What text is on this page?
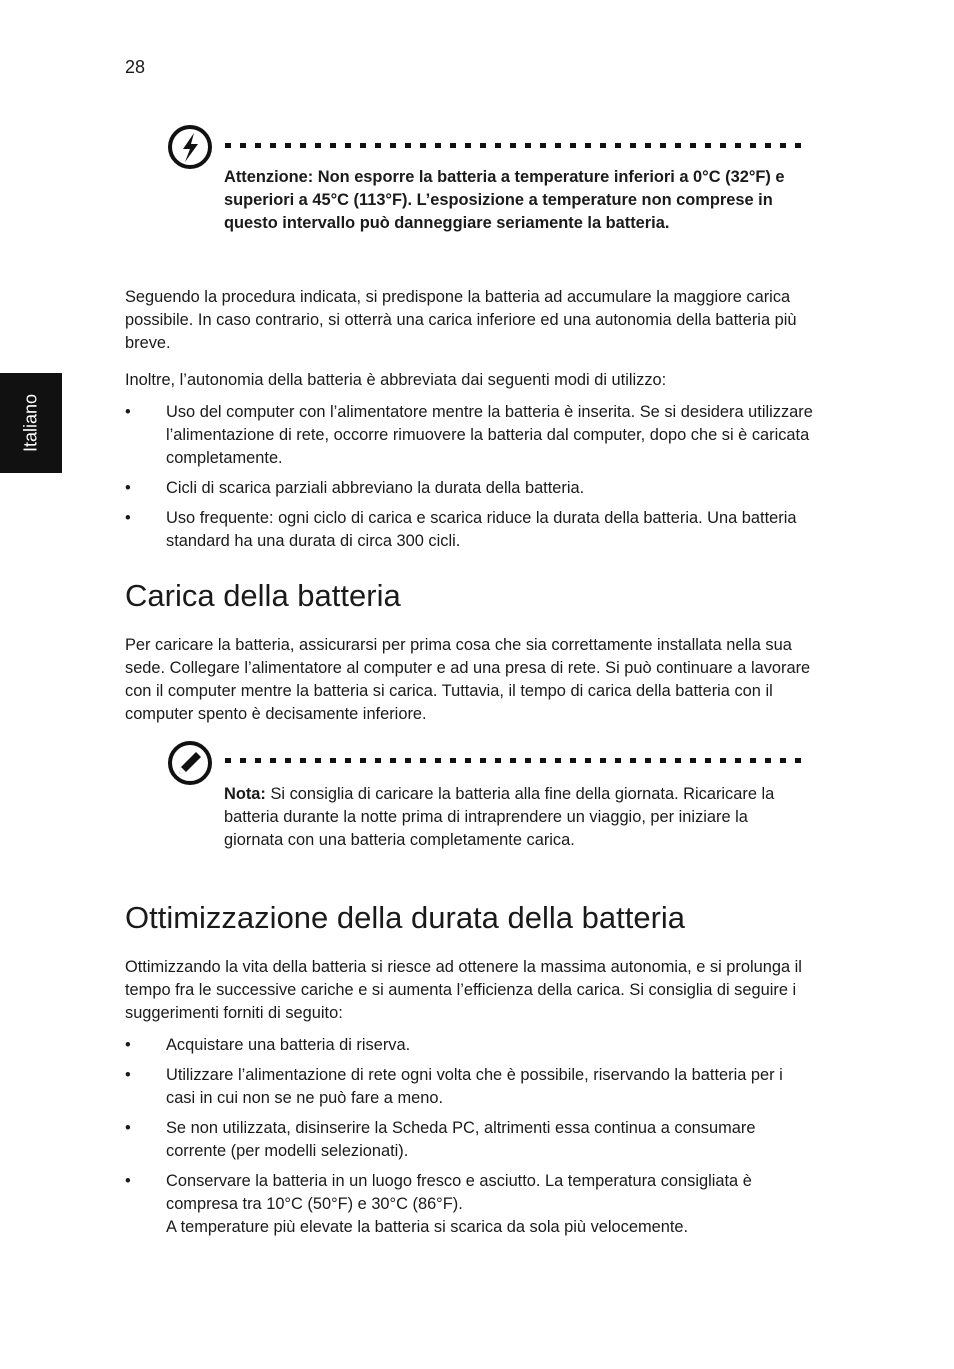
28
Italiano
Attenzione: Non esporre la batteria a temperature inferiori a 0°C (32°F) e superiori a 45°C (113°F). L’esposizione a temperature non comprese in questo intervallo può danneggiare seriamente la batteria.

Seguendo la procedura indicata, si predispone la batteria ad accumulare la maggiore carica possibile. In caso contrario, si otterrà una carica inferiore ed una autonomia della batteria più breve.

Inoltre, l’autonomia della batteria è abbreviata dai seguenti modi di utilizzo:

• Uso del computer con l’alimentatore mentre la batteria è inserita. Se si desidera utilizzare l’alimentazione di rete, occorre rimuovere la batteria dal computer, dopo che si è caricata completamente.
• Cicli di scarica parziali abbreviano la durata della batteria.
• Uso frequente: ogni ciclo di carica e scarica riduce la durata della batteria. Una batteria standard ha una durata di circa 300 cicli.
Carica della batteria

Per caricare la batteria, assicurarsi per prima cosa che sia correttamente installata nella sua sede. Collegare l’alimentatore al computer e ad una presa di rete. Si può continuare a lavorare con il computer mentre la batteria si carica. Tuttavia, il tempo di carica della batteria con il computer spento è decisamente inferiore.

Nota: Si consiglia di caricare la batteria alla fine della giornata. Ricaricare la batteria durante la notte prima di intraprendere un viaggio, per iniziare la giornata con una batteria completamente carica.
Ottimizzazione della durata della batteria

Ottimizzando la vita della batteria si riesce ad ottenere la massima autonomia, e si prolunga il tempo fra le successive cariche e si aumenta l’efficienza della carica. Si consiglia di seguire i suggerimenti forniti di seguito:

• Acquistare una batteria di riserva.
• Utilizzare l’alimentazione di rete ogni volta che è possibile, riservando la batteria per i casi in cui non se ne può fare a meno.
• Se non utilizzata, disinserire la Scheda PC, altrimenti essa continua a consumare corrente (per modelli selezionati).
• Conservare la batteria in un luogo fresco e asciutto. La temperatura consigliata è compresa tra 10°C (50°F) e 30°C (86°F).
A temperature più elevate la batteria si scarica da sola più velocemente.
